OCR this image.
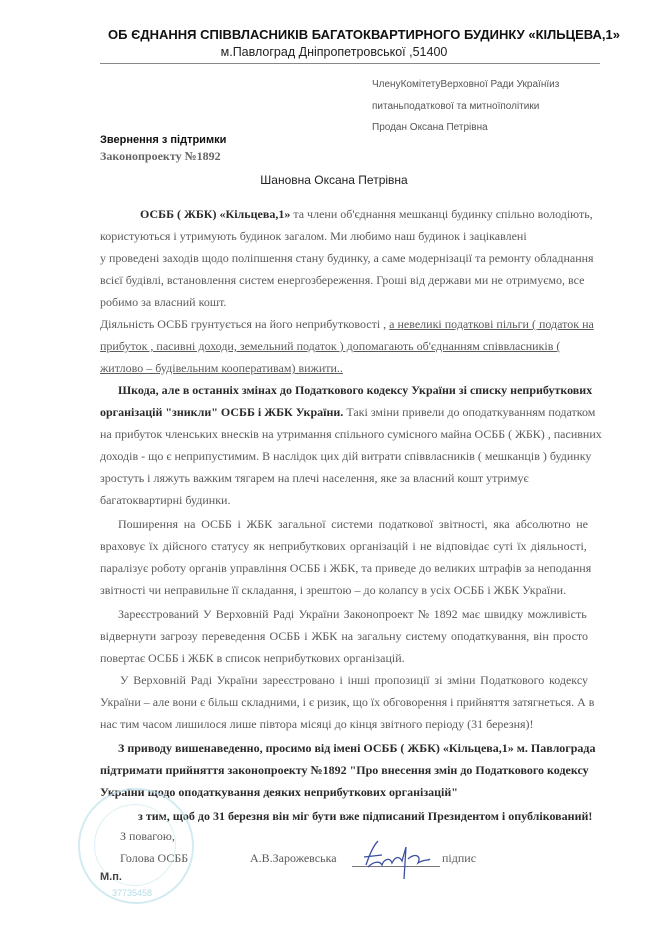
ОБ ЄДНАННЯ СПІВВЛАСНИКІВ БАГАТОКВАРТИРНОГО БУДИНКУ «КІЛЬЦЕВА,1»
м.Павлоград Дніпропетровської ,51400
ЧленуКомітетуВерховної Ради Українїиз
питаньподаткової та митноїполітики
Продан Оксана Петрівна
Звернення з підтримки
Законопроекту №1892
Шановна Оксана Петрівна
ОСББ ( ЖБК) «Кільцева,1» та члени об'єднання мешканці будинку спільно володіють,
користуються і утримують будинок загалом. Ми любимо наш будинок і зацікавлені
у проведені заходів щодо поліпшення стану будинку, а саме модернізації та ремонту обладнання
всієї будівлі, встановлення систем енергозбереження. Гроші від держави ми не отримуємо, все
робимо за власний кошт.
Діяльність ОСББ грунтується на його неприбутковості , а невеликі податкові пільги ( податок на
прибуток , пасивні доходи, земельний податок ) допомагають об'єднанням співвласників (
житлово – будівельним кооперативам) вижити..
Шкода, але в останніх змінах до Податкового кодексу України зі списку неприбуткових
організацій "зникли" ОСББ і ЖБК України. Такі зміни привели до оподаткуванням податком
на прибуток членських внесків на утримання спільного сумісного майна ОСББ ( ЖБК) , пасивних
доходів - що є неприпустимим. В наслідок цих дій витрати співвласників ( мешканців ) будинку
зростуть і ляжуть важким тягарем на плечі населення, яке за власний кошт утримує
багатоквартирні будинки.
Поширення на ОСББ і ЖБК загальної системи податкової звітності, яка абсолютно не
враховує їх дійсного статусу як неприбуткових організацій і не відповідає суті їх діяльності,
паралізує роботу органів управління ОСББ і ЖБК, та приведе до великих штрафів за неподання
звітності чи неправильне її складання, і зрештою – до колапсу в усіх ОСББ і ЖБК України.
Зареєстрований У Верховній Раді України Законопроект № 1892 має швидку можливість
відвернути загрозу переведення ОСББ і ЖБК на загальну систему оподаткування, він просто
повертає ОСББ і ЖБК в список неприбуткових організацій.
У Верховній Раді України зареєстровано і інші пропозиції зі зміни Податкового кодексу
України – але вони є більш складними, і є ризик, що їх обговорення і прийняття затягнеться. А в
нас тим часом лишилося лише півтора місяці до кінця звітного періоду (31 березня)!
З приводу вишенаведенно, просимо від імені ОСББ ( ЖБК) «Кільцева,1» м. Павлограда
підтримати прийняття законопроекту №1892 "Про внесення змін до Податкового кодексу
України щодо оподаткування деяких неприбуткових організацій"
з тим, щоб до 31 березня він міг бути вже підписаний Президентом і опублікований!
37735458
З повагою,
Голова ОСББ	А.В.Зарожевська	підпис
М.п.
